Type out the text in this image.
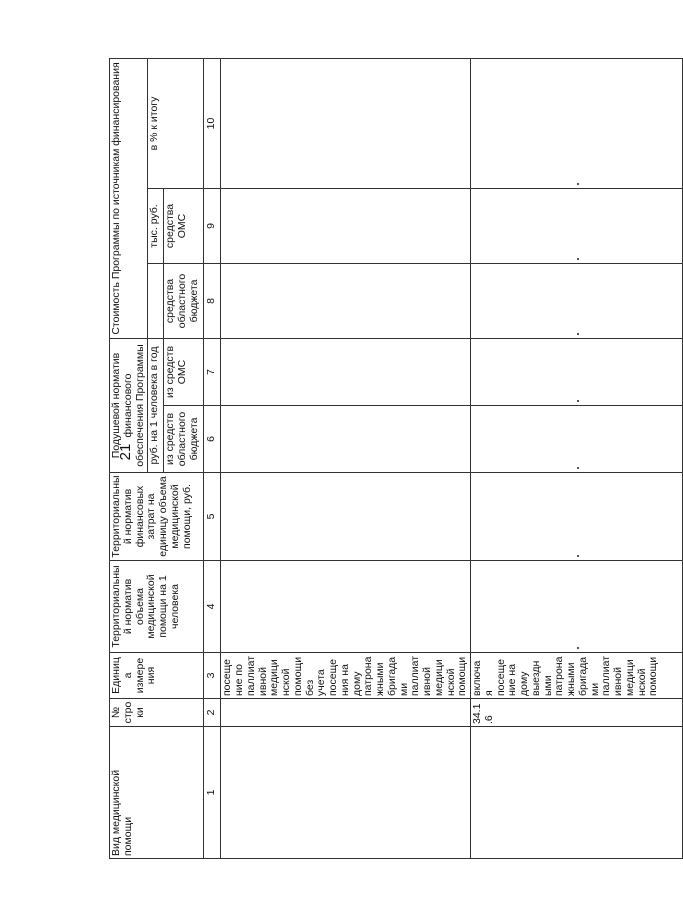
21
Вид медицинской помощи	№ строки	Единица измерения	Территориальный норматив объема медицинской помощи на 1 человека	Территориальный норматив финансовых затрат на единицу объема медицинской помощи, руб.	Подушевой норматив финансового обеспечения Программы		Стоимость Программы по источникам финансирования		
					руб. на 1 человека в год			тыс. руб.	в % к итогу
					из средств областного бюджета	из средств ОМС	средства областного бюджета	средства ОМС	
1	2	3	4	5	6	7	8	9	10
		посещение по паллиативной медицинской помощи без учета посещения на дому патронажными бригадами паллиативной медицинской помощи							
	34.1.6	включая посещение на дому выездными патронажными бригадами паллиативной медицинской помощи	
